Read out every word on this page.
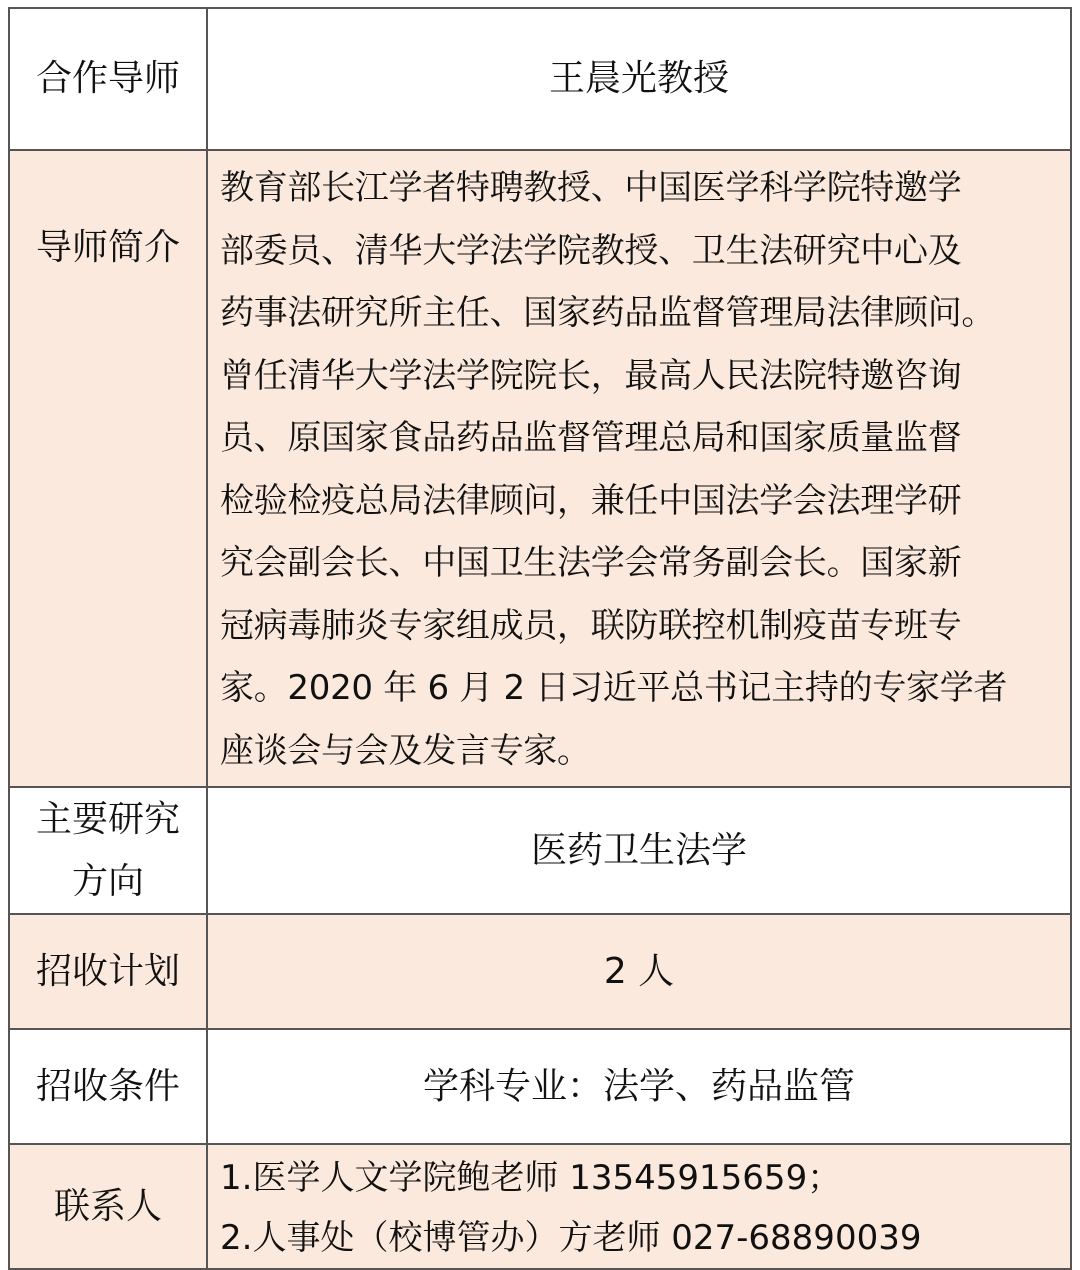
合作导师	王晨光教授
导师简介	
教育部长江学者特聘教授、中国医学科学院特邀学
部委员、清华大学法学院教授、卫生法研究中心及
药事法研究所主任、国家药品监督管理局法律顾问。
曾任清华大学法学院院长，最高人民法院特邀咨询
员、原国家食品药品监督管理总局和国家质量监督
检验检疫总局法律顾问，兼任中国法学会法理学研
究会副会长、中国卫生法学会常务副会长。国家新
冠病毒肺炎专家组成员，联防联控机制疫苗专班专
家。2020 年 6 月 2 日习近平总书记主持的专家学者
座谈会与会及发言专家。

主要研究
方向	医药卫生法学
招收计划	2 人
招收条件	学科专业：法学、药品监管
联系人	1.医学人文学院鲍老师 13545915659；
2.人事处（校博管办）方老师 027-68890039
